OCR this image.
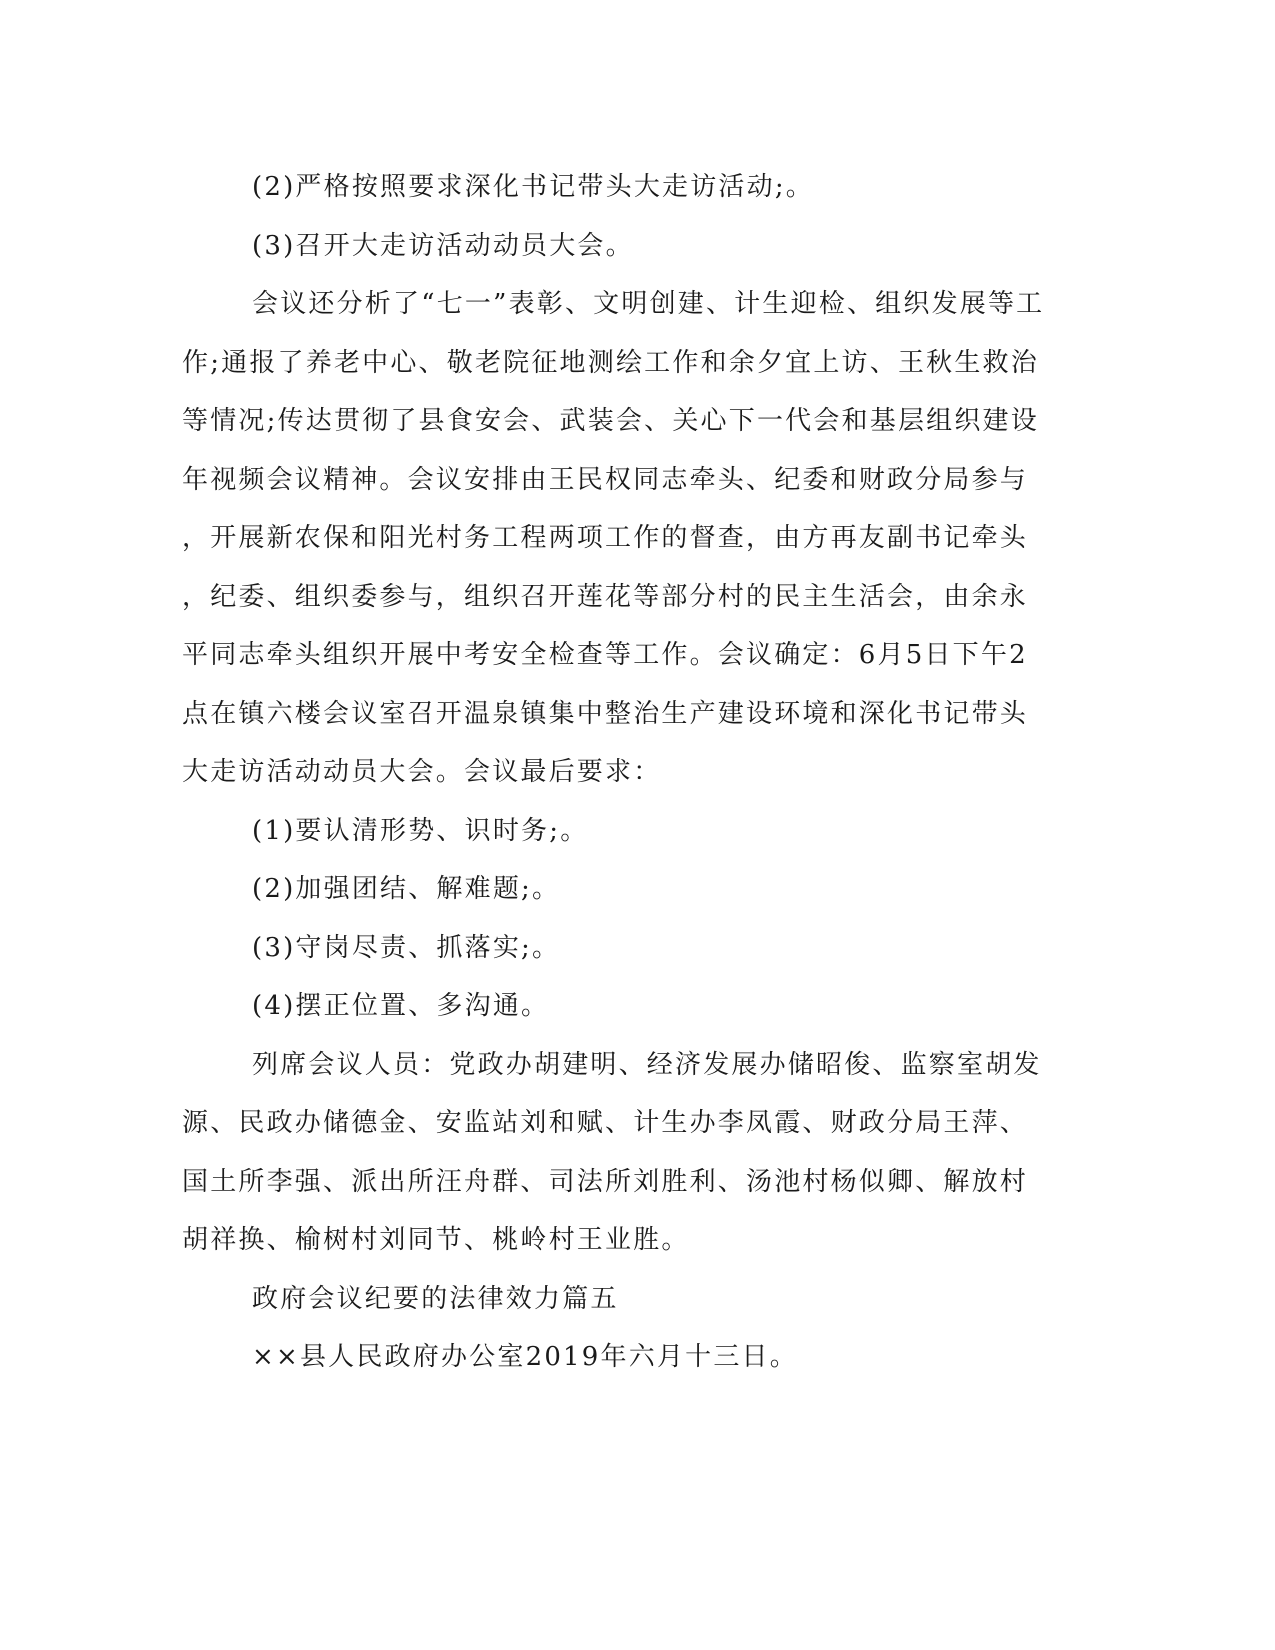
(2)严格按照要求深化书记带头大走访活动;。

(3)召开大走访活动动员大会。

会议还分析了“七一”表彰、文明创建、计生迎检、组织发展等工
作;通报了养老中心、敬老院征地测绘工作和余夕宜上访、王秋生救治
等情况;传达贯彻了县食安会、武装会、关心下一代会和基层组织建设
年视频会议精神。会议安排由王民权同志牵头、纪委和财政分局参与
，开展新农保和阳光村务工程两项工作的督查，由方再友副书记牵头
，纪委、组织委参与，组织召开莲花等部分村的民主生活会，由余永
平同志牵头组织开展中考安全检查等工作。会议确定：6月5日下午2
点在镇六楼会议室召开温泉镇集中整治生产建设环境和深化书记带头
大走访活动动员大会。会议最后要求：

(1)要认清形势、识时务;。

(2)加强团结、解难题;。

(3)守岗尽责、抓落实;。

(4)摆正位置、多沟通。

列席会议人员：党政办胡建明、经济发展办储昭俊、监察室胡发
源、民政办储德金、安监站刘和赋、计生办李凤霞、财政分局王萍、
国土所李强、派出所汪舟群、司法所刘胜利、汤池村杨似卿、解放村
胡祥换、榆树村刘同节、桃岭村王业胜。

政府会议纪要的法律效力篇五

××县人民政府办公室2019年六月十三日。
